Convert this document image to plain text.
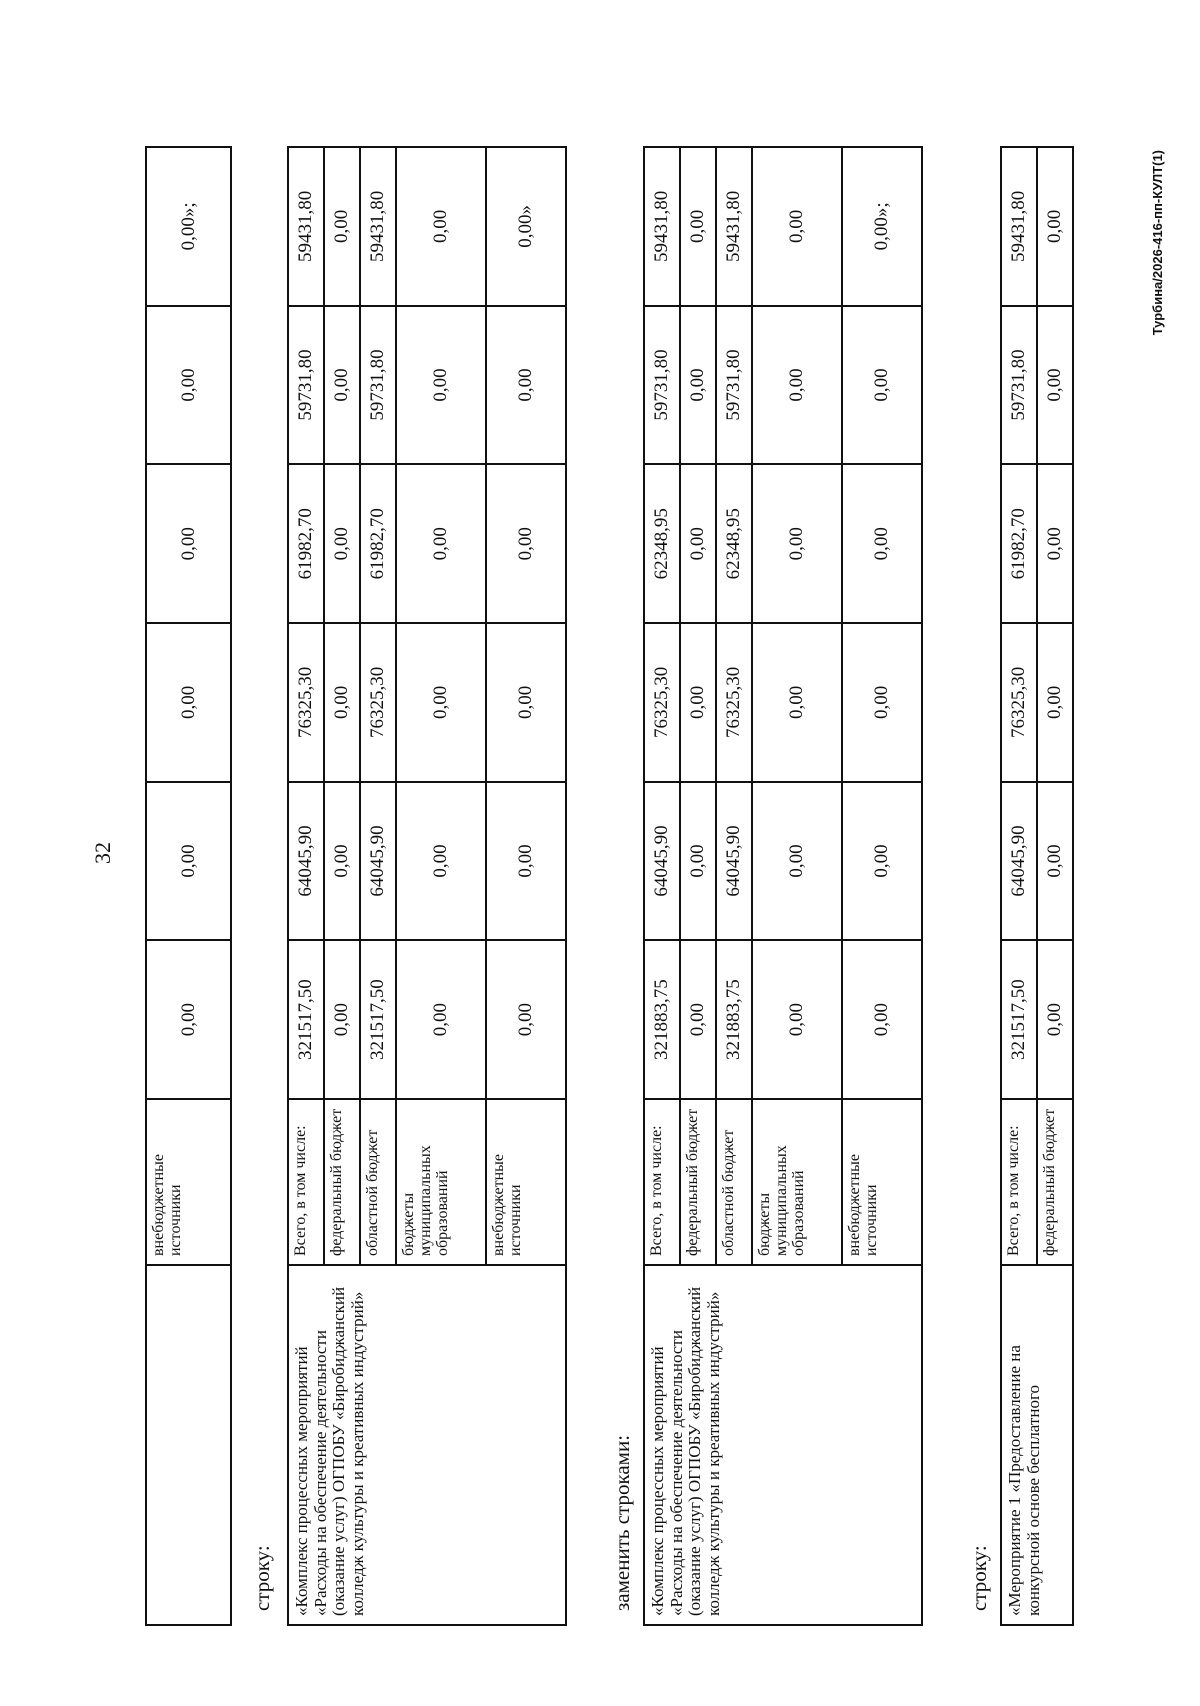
32
	внебюджетные источники	0,00	0,00	0,00	0,00	0,00	0,00»;
строку: «Комплекс процессных мероприятий «Расходы на обеспечение деятельности (оказание услуг) ОГПОБУ «Биробиджанский колледж культуры и креативных индустрий»	Всего, в том числе:	321517,50	64045,90	76325,30	61982,70	59731,80	59431,80
	федеральный бюджет	0,00	0,00	0,00	0,00	0,00	0,00
	областной бюджет	321517,50	64045,90	76325,30	61982,70	59731,80	59431,80
	бюджеты муниципальных образований	0,00	0,00	0,00	0,00	0,00	0,00
	внебюджетные источники	0,00	0,00	0,00	0,00	0,00	0,00»
заменить строками: «Комплекс процессных мероприятий «Расходы на обеспечение деятельности (оказание услуг) ОГПОБУ «Биробиджанский колледж культуры и креативных индустрий»	Всего, в том числе:	321883,75	64045,90	76325,30	62348,95	59731,80	59431,80
	федеральный бюджет	0,00	0,00	0,00	0,00	0,00	0,00
	областной бюджет	321883,75	64045,90	76325,30	62348,95	59731,80	59431,80
	бюджеты муниципальных образований	0,00	0,00	0,00	0,00	0,00	0,00
	внебюджетные источники	0,00	0,00	0,00	0,00	0,00	0,00»;
строку: «Мероприятие 1 «Предоставление на конкурсной основе бесплатного	Всего, в том числе:	321517,50	64045,90	76325,30	61982,70	59731,80	59431,80
	федеральный бюджет	0,00	0,00	0,00	0,00	0,00	0,00	Турбина/2026-416-пп-КУЛТ(1)
